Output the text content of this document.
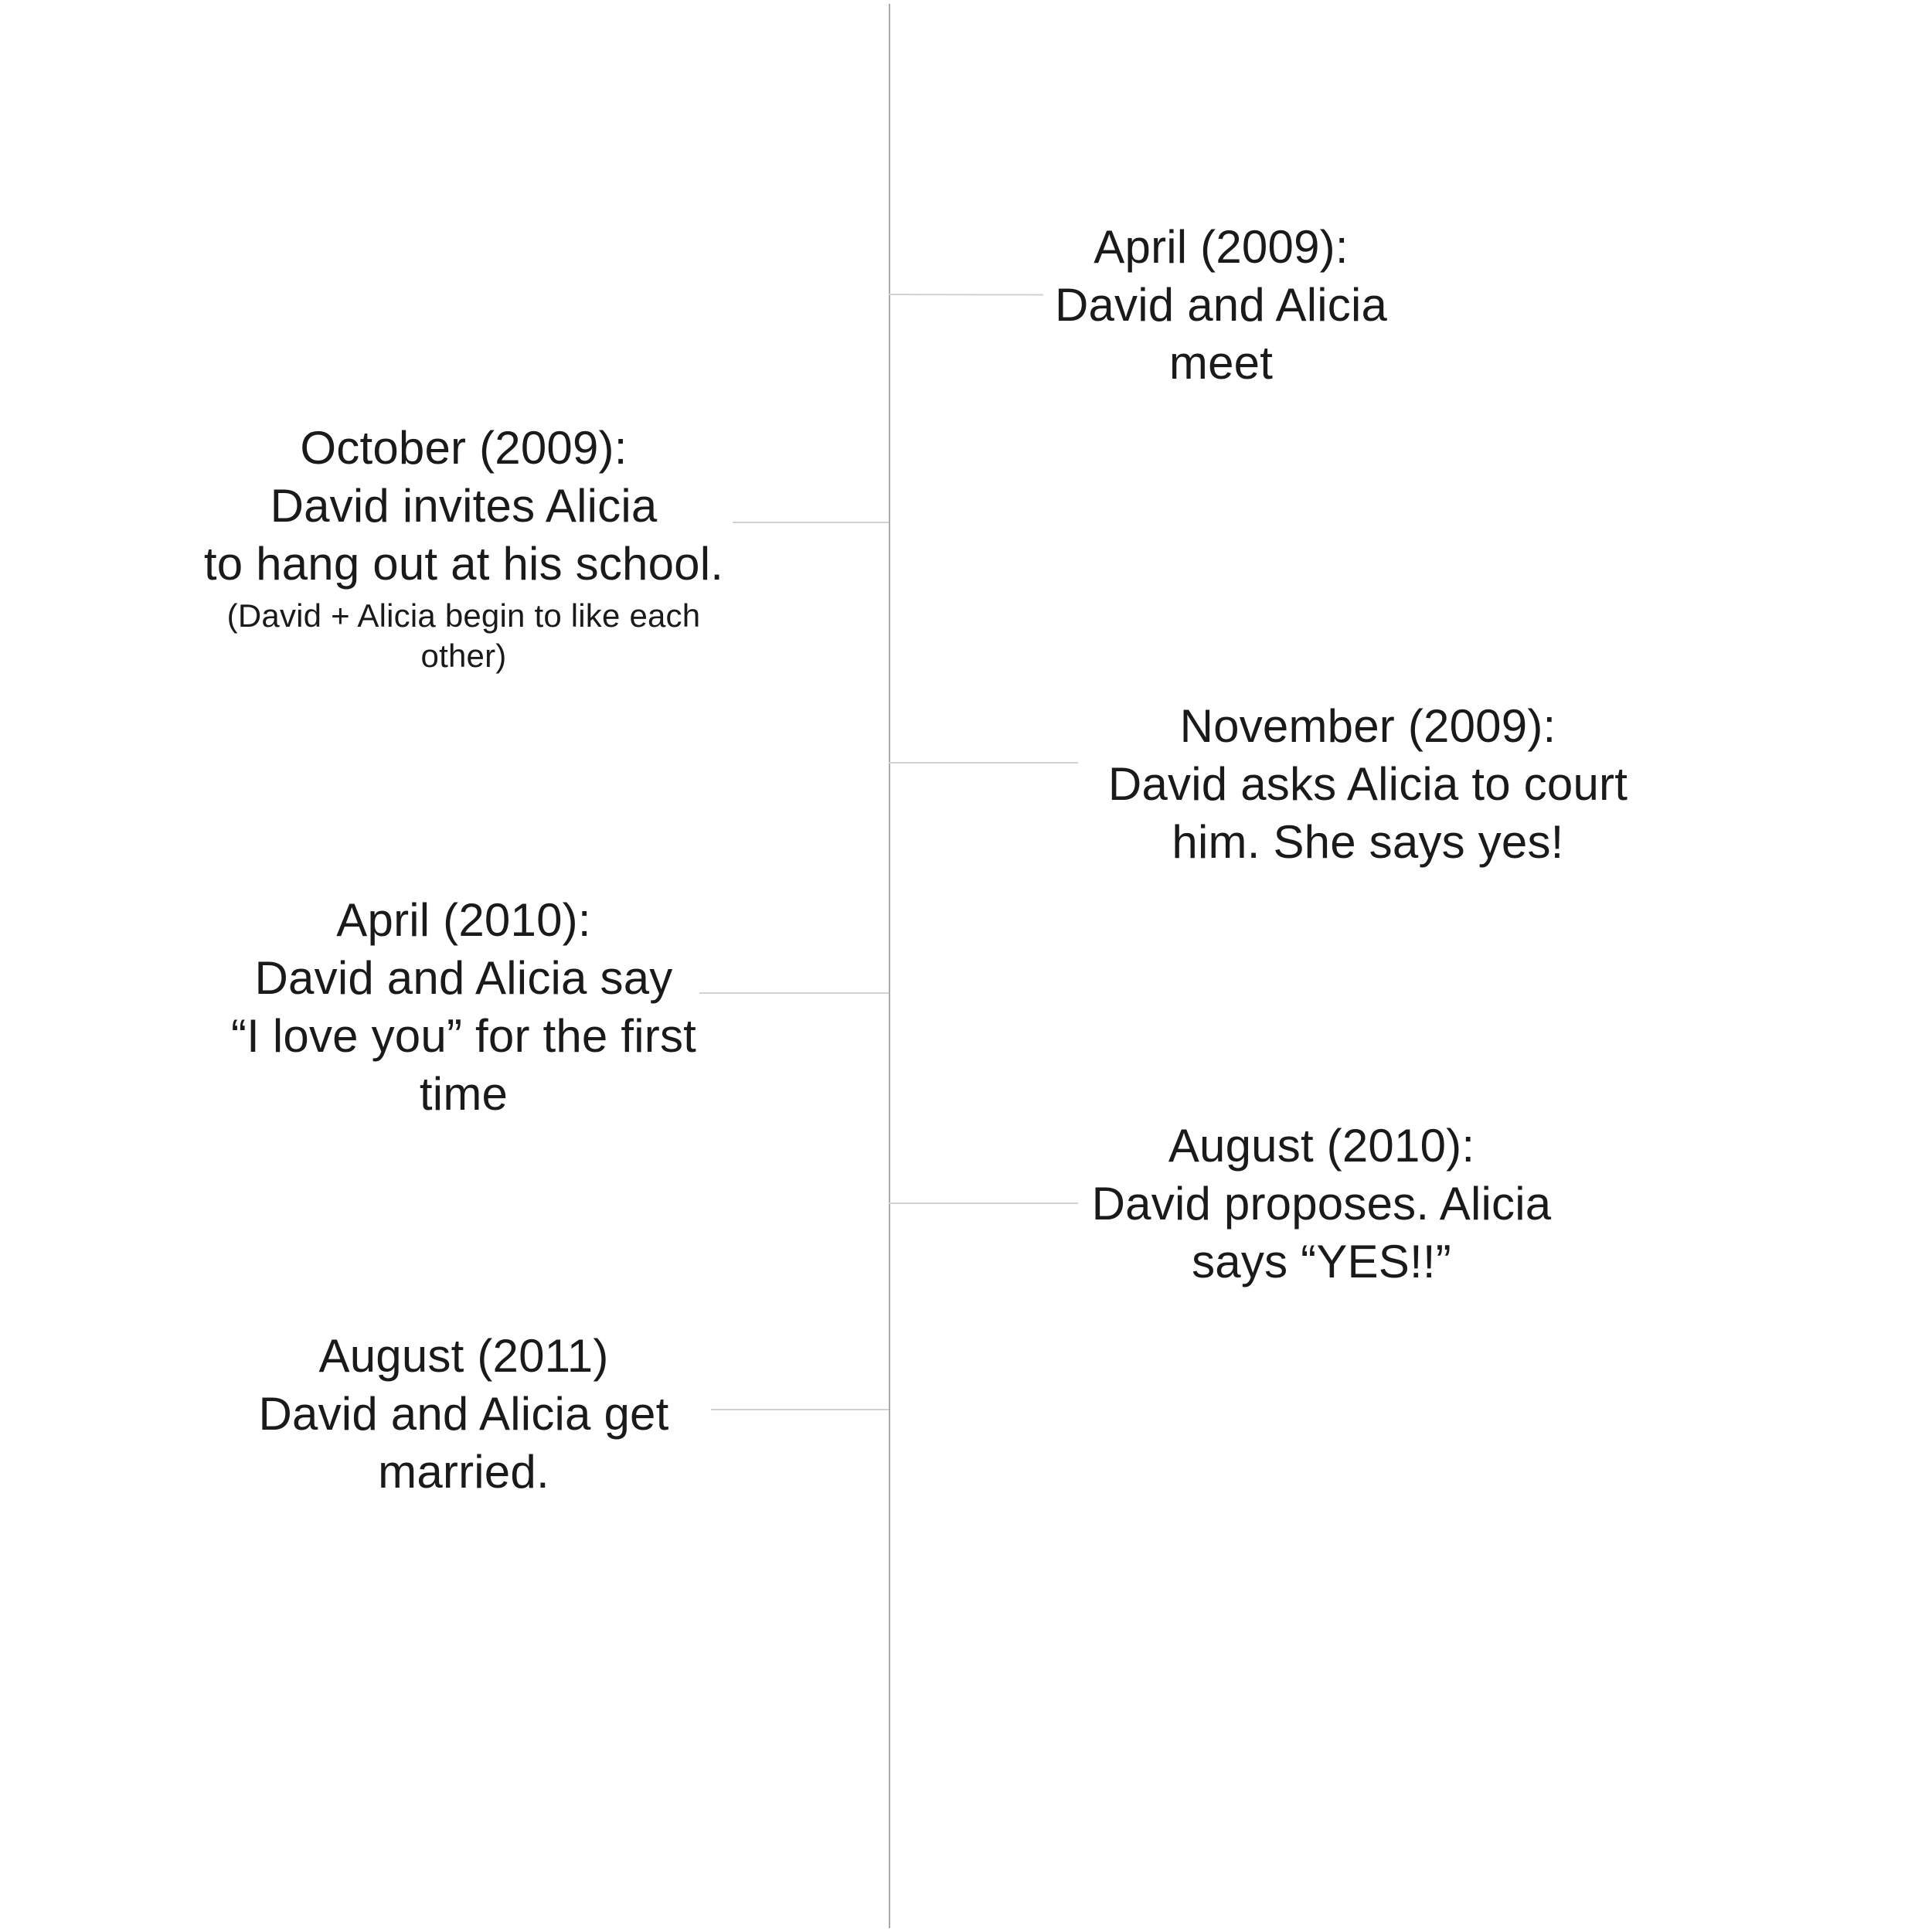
April (2009):
David and Alicia
meet
October (2009):
David invites Alicia
to hang out at his school.
(David + Alicia begin to like each other)
November (2009):
David asks Alicia to court
him. She says yes!
April (2010):
David and Alicia say
“I love you” for the first
time
August (2010):
David proposes. Alicia
says “YES!!”
August (2011)
David and Alicia get
married.
